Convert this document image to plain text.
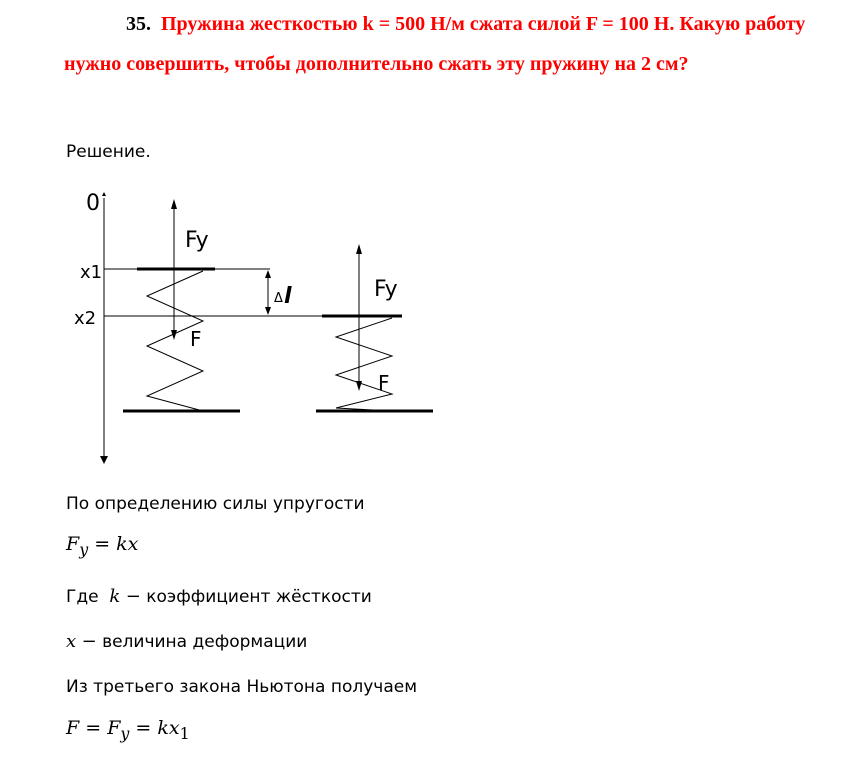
35. Пружина жесткостью k = 500 Н/м сжата силой F = 100 Н. Какую работу нужно совершить, чтобы дополнительно сжать эту пружину на 2 см?

Решение.
0
x1
x2
Δ l
Fy
F
Fy
F
По определению силы упругости
$F_y$ = kx
Где k − коэффициент жёсткости
x − величина деформации
Из третьего закона Ньютона получаем
$F = F_y = kx_1$
